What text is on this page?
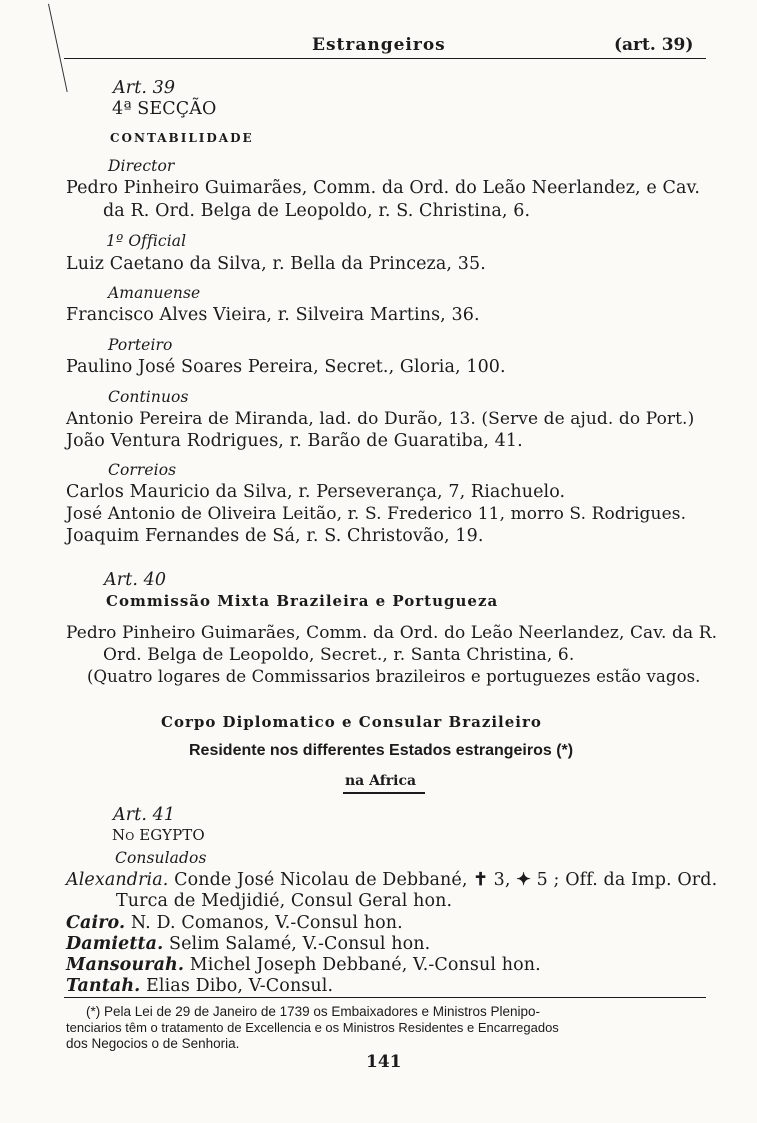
Estrangeiros	(art. 39)
Art. 39
4ª SECÇÃO
CONTABILIDADE
Director
Pedro Pinheiro Guimarães, Comm. da Ord. do Leão Neerlandez, e Cav.
da R. Ord. Belga de Leopoldo, r. S. Christina, 6.
1º Official
Luiz Caetano da Silva, r. Bella da Princeza, 35.
Amanuense
Francisco Alves Vieira, r. Silveira Martins, 36.
Porteiro
Paulino José Soares Pereira, Secret., Gloria, 100.
Continuos
Antonio Pereira de Miranda, lad. do Durão, 13. (Serve de ajud. do Port.)
João Ventura Rodrigues, r. Barão de Guaratiba, 41.
Correios
Carlos Mauricio da Silva, r. Perseverança, 7, Riachuelo.
José Antonio de Oliveira Leitão, r. S. Frederico 11, morro S. Rodrigues.
Joaquim Fernandes de Sá, r. S. Christovão, 19.
Art. 40
Commissão Mixta Brazileira e Portugueza
Pedro Pinheiro Guimarães, Comm. da Ord. do Leão Neerlandez, Cav. da R.
Ord. Belga de Leopoldo, Secret., r. Santa Christina, 6.
(Quatro logares de Commissarios brazileiros e portuguezes estão vagos.
Corpo Diplomatico e Consular Brazileiro
Residente nos differentes Estados estrangeiros (*)
na Africa
Art. 41
No EGYPTO
Consulados
Alexandria. Conde José Nicolau de Debbané, ✝ 3, ✦ 5 ; Off. da Imp. Ord.
Turca de Medjidié, Consul Geral hon.
Cairo. N. D. Comanos, V.-Consul hon.
Damietta. Selim Salamé, V.-Consul hon.
Mansourah. Michel Joseph Debbané, V.-Consul hon.
Tantah. Elias Dibo, V-Consul.
(*) Pela Lei de 29 de Janeiro de 1739 os Embaixadores e Ministros Plenipo-
tenciarios têm o tratamento de Excellencia e os Ministros Residentes e Encarregados
dos Negocios o de Senhoria.
141
